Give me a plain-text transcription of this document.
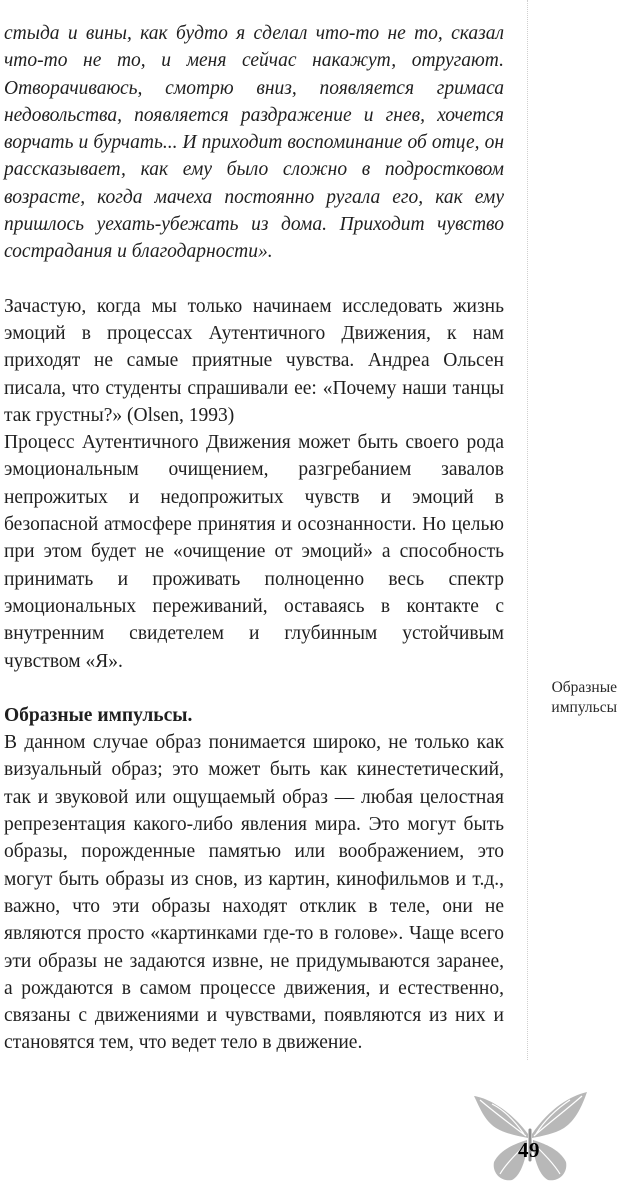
стыда и вины, как будто я сделал что-то не то, сказал что-то не то, и меня сейчас накажут, отругают. Отворачиваюсь, смотрю вниз, появляется гримаса недовольства, появляется раздражение и гнев, хочется ворчать и бурчать... И приходит воспоминание об отце, он рассказывает, как ему было сложно в подростковом возрасте, когда мачеха постоянно ругала его, как ему пришлось уехать-убежать из дома. Приходит чувство сострадания и благодарности».

Зачастую, когда мы только начинаем исследовать жизнь эмоций в процессах Аутентичного Движения, к нам приходят не самые приятные чувства. Андреа Ольсен писала, что студенты спрашивали ее: «Почему наши танцы так грустны?» (Olsen, 1993)

Процесс Аутентичного Движения может быть своего рода эмоциональным очищением, разгребанием завалов непрожитых и недопрожитых чувств и эмоций в безопасной атмосфере принятия и осознанности. Но целью при этом будет не «очищение от эмоций» а способность принимать и проживать полноценно весь спектр эмоциональных переживаний, оставаясь в контакте с внутренним свидетелем и глубинным устойчивым чувством «Я».

Образные импульсы.

В данном случае образ понимается широко, не только как визуальный образ; это может быть как кинестетический, так и звуковой или ощущаемый образ — любая целостная репрезентация какого-либо явления мира. Это могут быть образы, порожденные памятью или воображением, это могут быть образы из снов, из картин, кинофильмов и т.д., важно, что эти образы находят отклик в теле, они не являются просто «картинками где-то в голове». Чаще всего эти образы не задаются извне, не придумываются заранее, а рождаются в самом процессе движения, и естественно, связаны с движениями и чувствами, появляются из них и становятся тем, что ведет тело в движение.

Образные
импульсы
49
